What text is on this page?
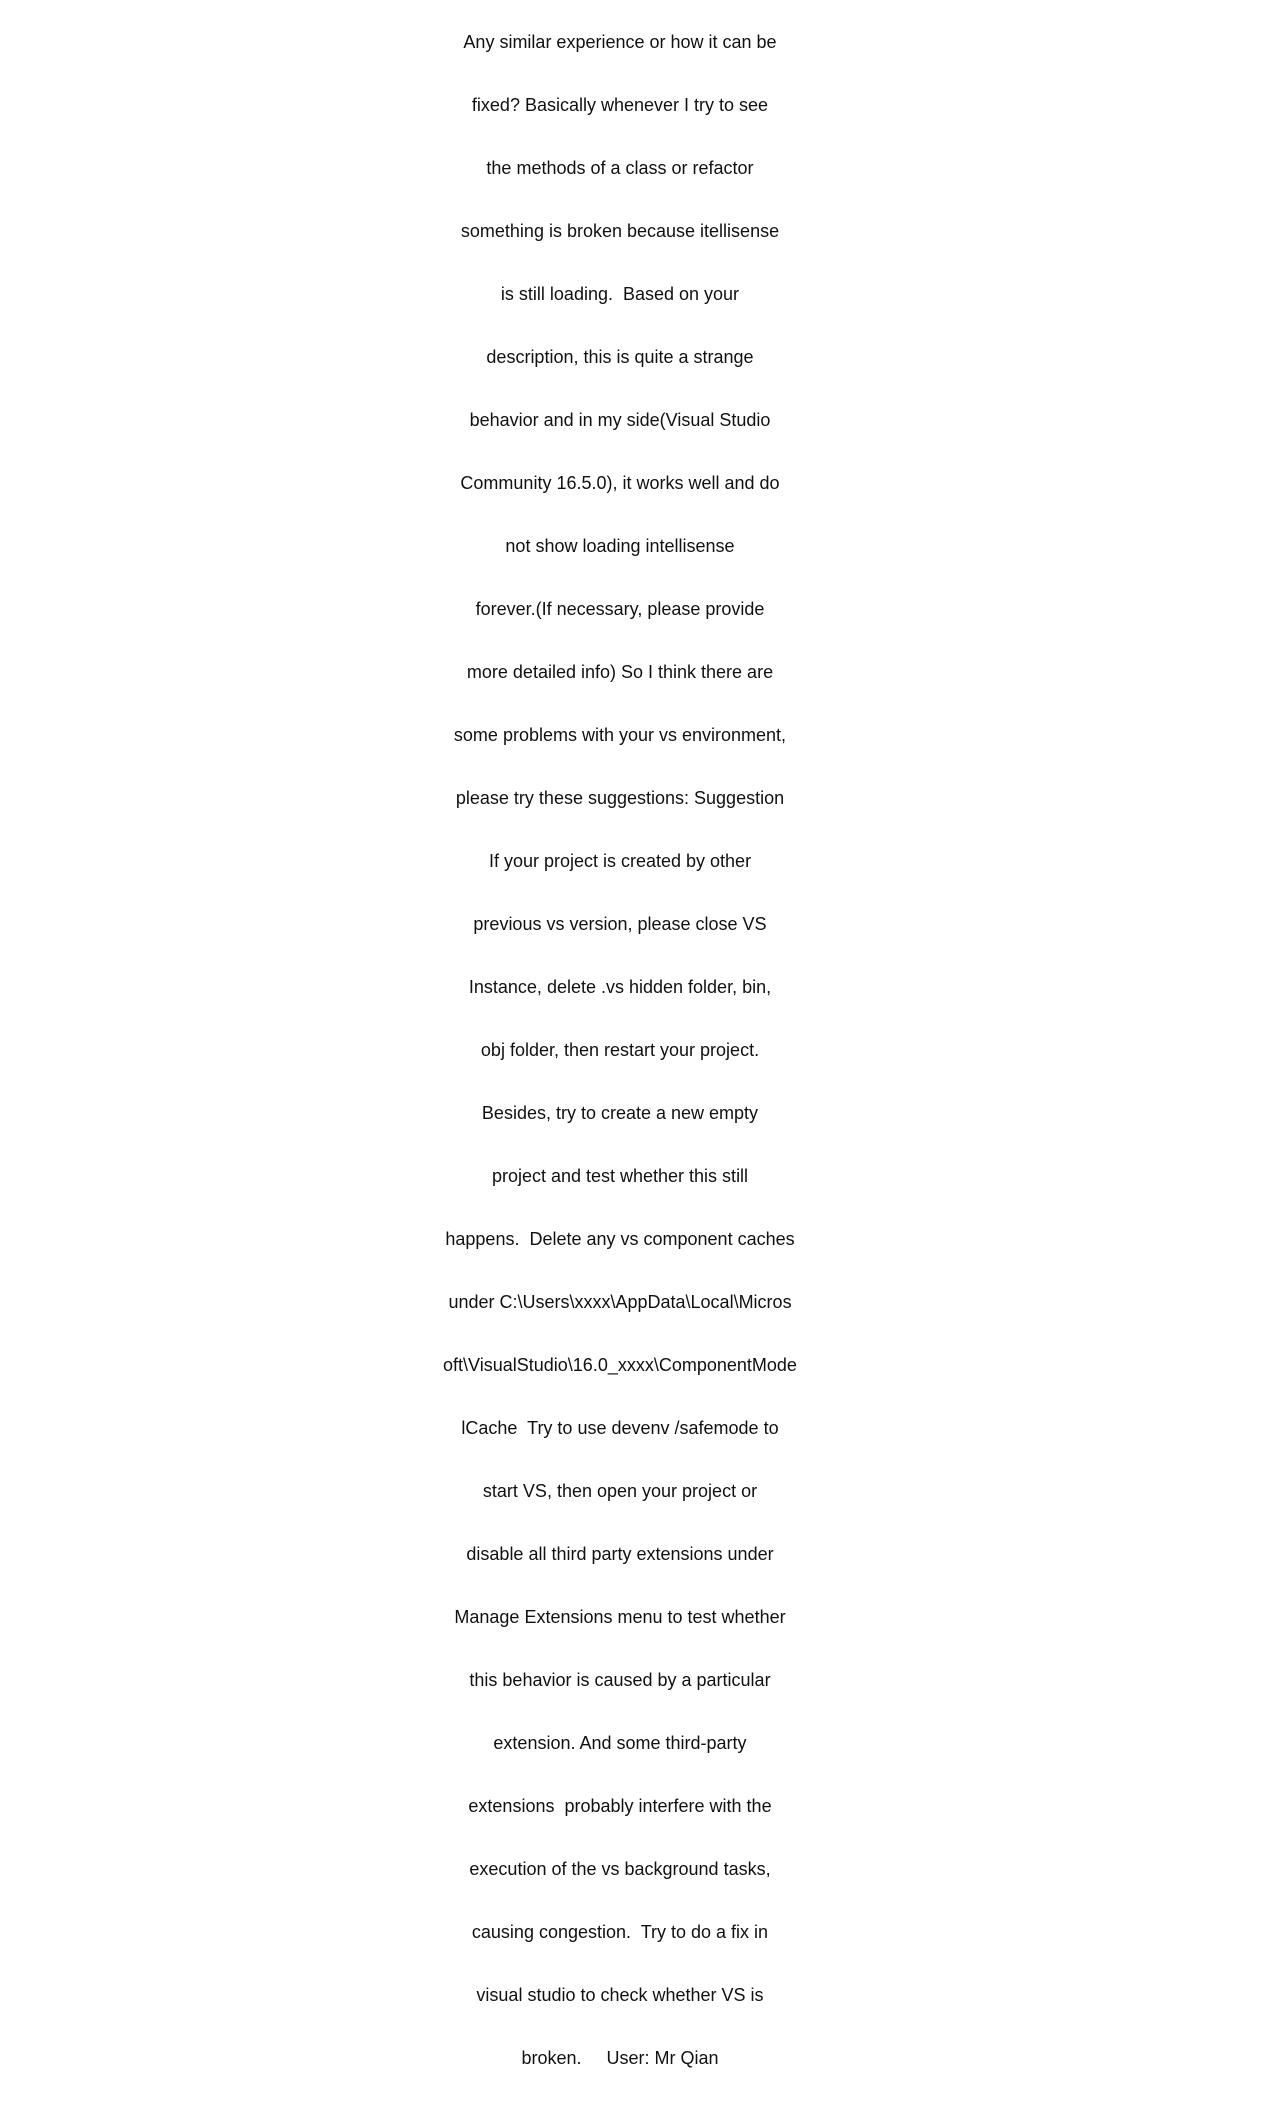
Any similar experience or how it can be

fixed? Basically whenever I try to see

the methods of a class or refactor

something is broken because itellisense

is still loading.  Based on your

description, this is quite a strange

behavior and in my side(Visual Studio

Community 16.5.0), it works well and do

not show loading intellisense

forever.(If necessary, please provide

more detailed info) So I think there are

some problems with your vs environment,

please try these suggestions: Suggestion

If your project is created by other

previous vs version, please close VS

Instance, delete .vs hidden folder, bin,

obj folder, then restart your project.

Besides, try to create a new empty

project and test whether this still

happens.  Delete any vs component caches

under C:\Users\xxxx\AppData\Local\Micros

oft\VisualStudio\16.0_xxxx\ComponentMode

lCache  Try to use devenv /safemode to

start VS, then open your project or

disable all third party extensions under

Manage Extensions menu to test whether

this behavior is caused by a particular

extension. And some third-party

extensions  probably interfere with the

execution of the vs background tasks,

causing congestion.  Try to do a fix in

visual studio to check whether VS is

broken.     User: Mr Qian
